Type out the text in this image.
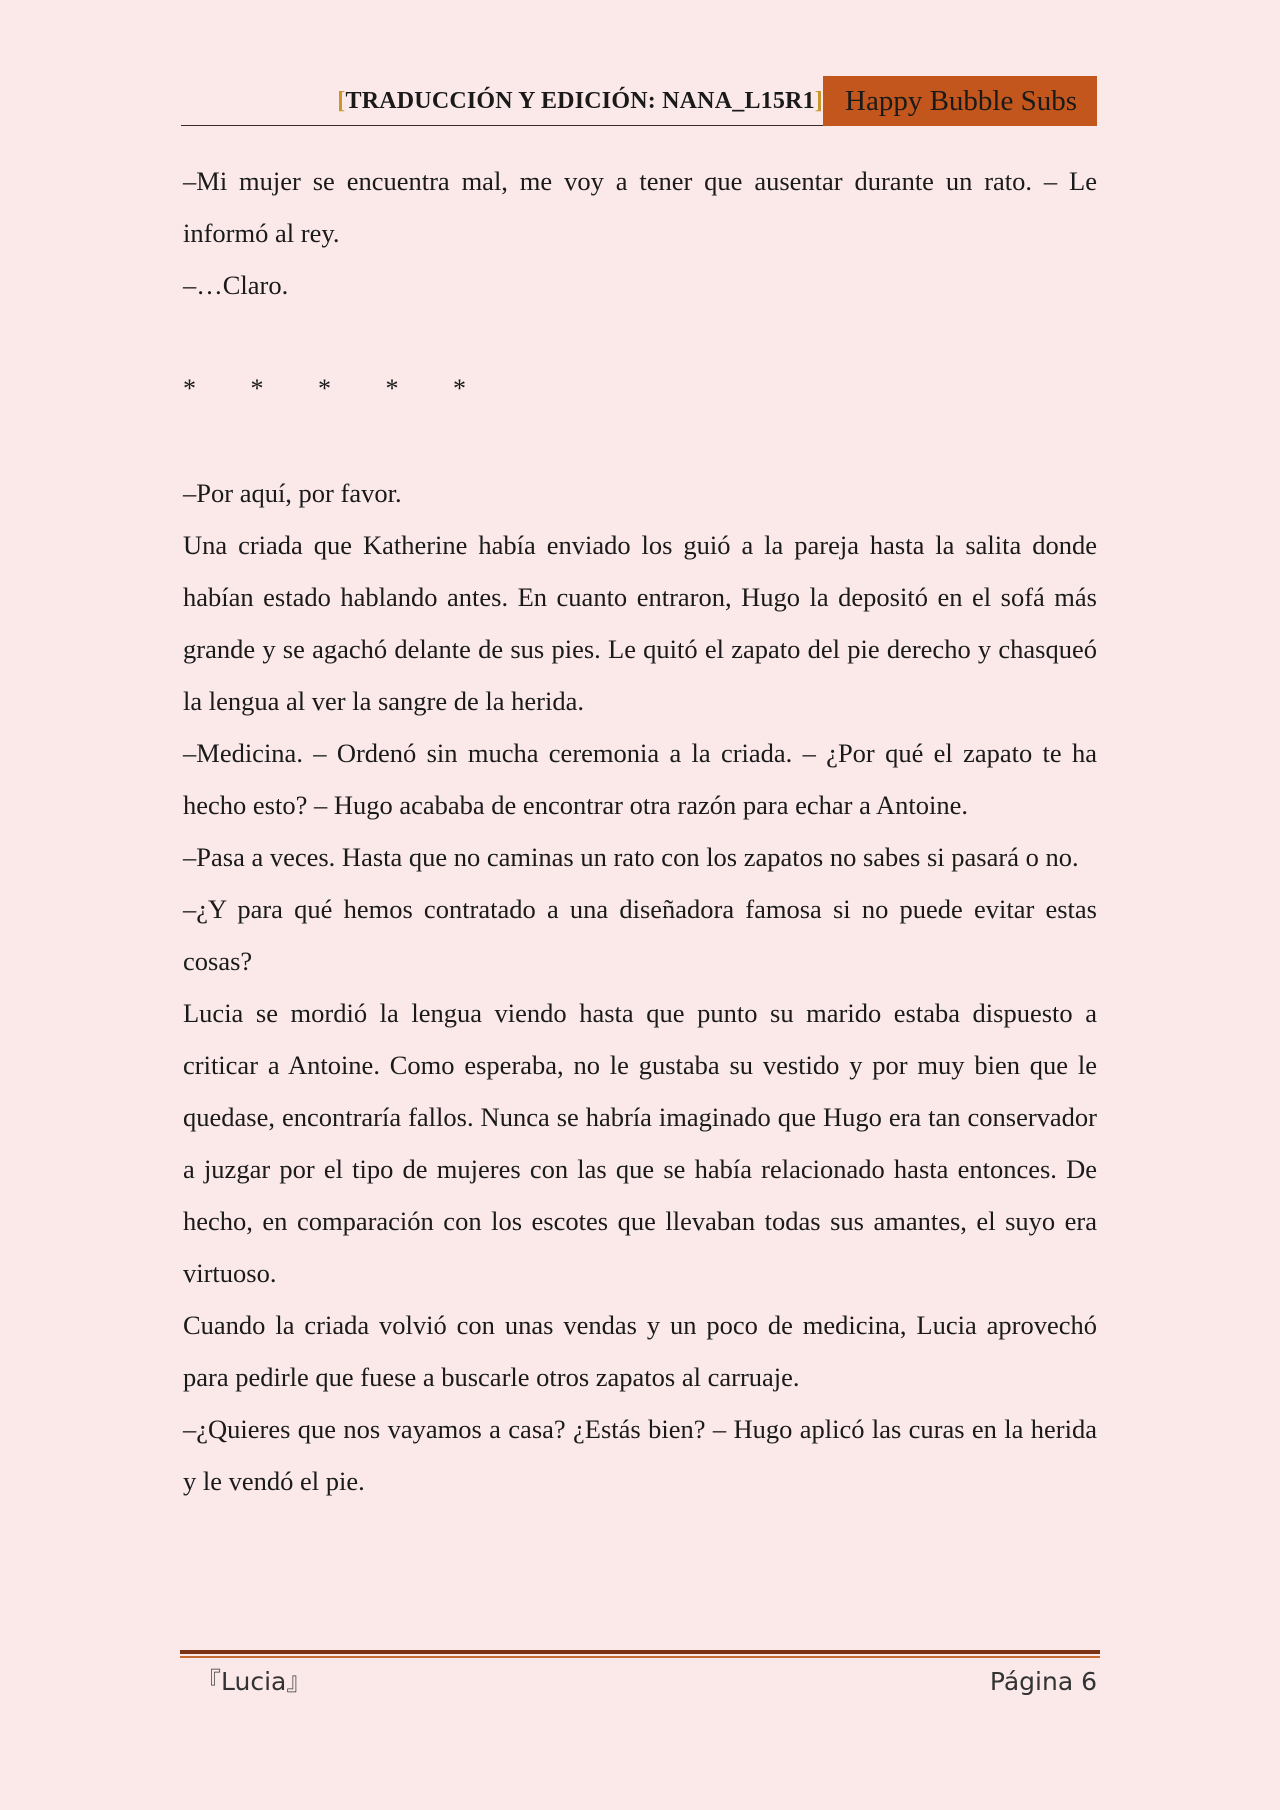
[TRADUCCIÓN Y EDICIÓN: NANA_L15R1] Happy Bubble Subs

–Mi mujer se encuentra mal, me voy a tener que ausentar durante un rato. – Le informó al rey.

–…Claro.

* * * * *

–Por aquí, por favor.

Una criada que Katherine había enviado los guió a la pareja hasta la salita donde habían estado hablando antes. En cuanto entraron, Hugo la depositó en el sofá más grande y se agachó delante de sus pies. Le quitó el zapato del pie derecho y chasqueó la lengua al ver la sangre de la herida.

–Medicina. – Ordenó sin mucha ceremonia a la criada. – ¿Por qué el zapato te ha hecho esto? – Hugo acababa de encontrar otra razón para echar a Antoine.

–Pasa a veces. Hasta que no caminas un rato con los zapatos no sabes si pasará o no.

–¿Y para qué hemos contratado a una diseñadora famosa si no puede evitar estas cosas?

Lucia se mordió la lengua viendo hasta que punto su marido estaba dispuesto a criticar a Antoine. Como esperaba, no le gustaba su vestido y por muy bien que le quedase, encontraría fallos. Nunca se habría imaginado que Hugo era tan conservador a juzgar por el tipo de mujeres con las que se había relacionado hasta entonces. De hecho, en comparación con los escotes que llevaban todas sus amantes, el suyo era virtuoso.

Cuando la criada volvió con unas vendas y un poco de medicina, Lucia aprovechó para pedirle que fuese a buscarle otros zapatos al carruaje.

–¿Quieres que nos vayamos a casa? ¿Estás bien? – Hugo aplicó las curas en la herida y le vendó el pie.

『Lucia』	Página 6
